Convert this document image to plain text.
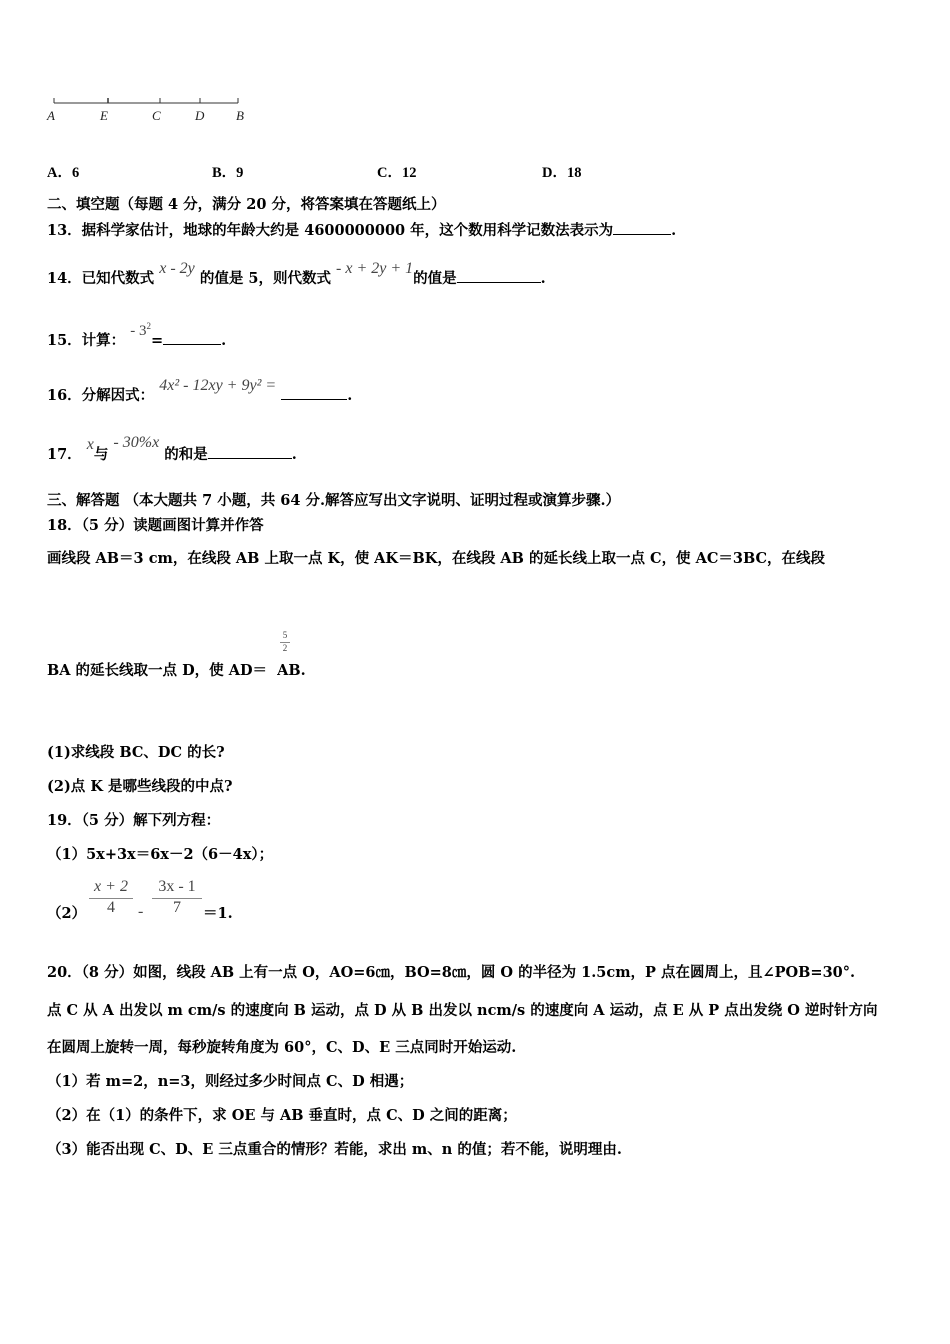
A	E	C	D B
A．6	B．9	C．12	D．18
二、填空题（每题 4 分，满分 20 分，将答案填在答题纸上）
13．据科学家估计，地球的年龄大约是 4600000000 年，这个数用科学记数法表示为	.
14．已知代数式 x - 2y 的值是 5，则代数式 - x + 2y + 1的值是	.
15．计算： - $3^2=$	.
16．分解因式： 4x² - 12xy + 9y² = .
17． x与 - 30%x 的和是	.
三、解答题 （本大题共 7 小题，共 64 分.解答应写出文字说明、证明过程或演算步骤.）
18．（5 分）读题画图计算并作答
画线段 AB＝3 cm，在线段 AB 上取一点 K，使 AK＝BK，在线段 AB 的延长线上取一点 C，使 AC＝3BC，在线段
$\frac{5}{2}$
BA 的延长线取一点 D，使 AD＝ AB.
(1)求线段 BC、DC 的长?
(2)点 K 是哪些线段的中点?
19．（5 分）解下列方程：
（1）5x+3x＝6x－2（6－4x）；
$(2) \frac{x + 2}{4} - \frac{3x - 1}{7} =1$.
20．（8 分）如图，线段 AB 上有一点 O，AO=6㎝，BO=8㎝，圆 O 的半径为 1.5cm，P 点在圆周上，且∠POB=30°.
点 C 从 A 出发以 m cm/s 的速度向 B 运动，点 D 从 B 出发以 ncm/s 的速度向 A 运动，点 E 从 P 点出发绕 O 逆时针方向
在圆周上旋转一周，每秒旋转角度为 60°，C、D、E 三点同时开始运动.
（1）若 m=2，n=3，则经过多少时间点 C、D 相遇；
（2）在（1）的条件下，求 OE 与 AB 垂直时，点 C、D 之间的距离；
（3）能否出现 C、D、E 三点重合的情形？若能，求出 m、n 的值；若不能，说明理由.
